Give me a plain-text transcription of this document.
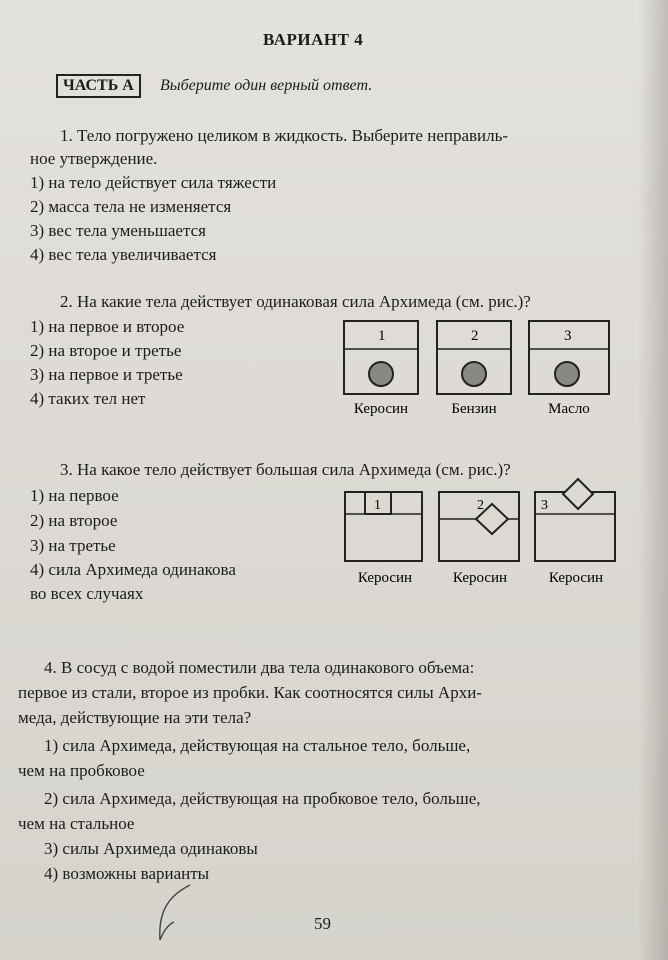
ВАРИАНТ 4
ЧАСТЬ А	Выберите один верный ответ.
1. Тело погружено целиком в жидкость. Выберите неправиль-
ное утверждение.
1) на тело действует сила тяжести
2) масса тела не изменяется
3) вес тела уменьшается
4) вес тела увеличивается
2. На какие тела действует одинаковая сила Архимеда (см. рис.)?
1) на первое и второе
2) на второе и третье
3) на первое и третье
4) таких тел нет
1
Керосин
2
Бензин
3
Масло
3. На какое тело действует большая сила Архимеда (см. рис.)?
1) на первое
2) на второе
3) на третье
4) сила Архимеда одинакова
во всех случаях
1
Керосин
2
Керосин
3
Керосин
4. В сосуд с водой поместили два тела одинакового объема:
первое из стали, второе из пробки. Как соотносятся силы Архи-
меда, действующие на эти тела?
1) сила Архимеда, действующая на стальное тело, больше,
чем на пробковое
2) сила Архимеда, действующая на пробковое тело, больше,
чем на стальное
3) силы Архимеда одинаковы
4) возможны варианты
59
